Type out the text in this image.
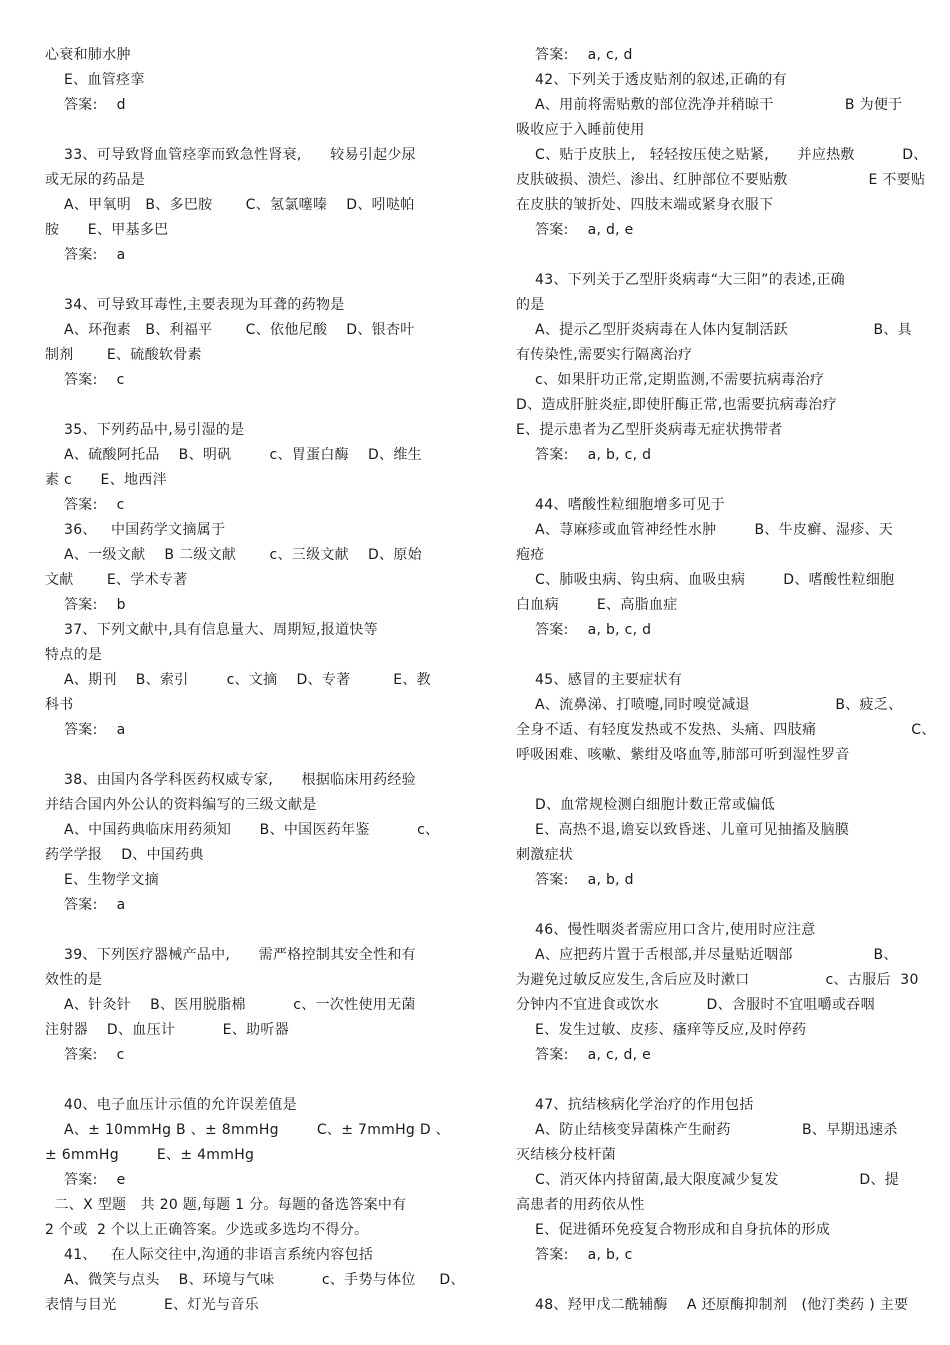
心衰和肺水肿
E、血管痉挛
答案:    d
33、可导致肾血管痉挛而致急性肾衰,      较易引起少尿
或无尿的药品是
A、甲氧明   B、多巴胺       C、氢氯噻嗪    D、吲哒帕
胺      E、甲基多巴
答案:    a
34、可导致耳毒性,主要表现为耳聋的药物是
A、环孢素   B、利福平       C、依他尼酸    D、银杏叶
制剂       E、硫酸软骨素
答案:    c
35、下列药品中,易引湿的是
A、硫酸阿托品    B、明矾        c、胃蛋白酶    D、维生
素 c      E、地西泮
答案:    c
36、   中国药学文摘属于
A、一级文献    B 二级文献       c、三级文献    D、原始
文献       E、学术专著
答案:    b
37、下列文献中,具有信息量大、周期短,报道快等
特点的是
A、期刊    B、索引        c、文摘    D、专著         E、教
科书
答案:    a
38、由国内各学科医药权威专家,      根据临床用药经验
并结合国内外公认的资料编写的三级文献是
A、中国药典临床用药须知      B、中国医药年鉴          c、
药学学报    D、中国药典
E、生物学文摘
答案:    a
39、下列医疗器械产品中,      需严格控制其安全性和有
效性的是
A、针灸针    B、医用脱脂棉          c、一次性使用无菌
注射器    D、血压计          E、助听器
答案:    c
40、电子血压计示值的允许误差值是
A、± 10mmHg B 、± 8mmHg        C、± 7mmHg D 、
± 6mmHg        E、± 4mmHg
答案:    e
二、X 型题   共 20 题,每题 1 分。每题的备选答案中有
2 个或  2 个以上正确答案。少选或多选均不得分。
41、   在人际交往中,沟通的非语言系统内容包括
A、微笑与点头    B、环境与气味          c、手势与体位     D、
表情与目光          E、灯光与音乐
答案:    a, c, d
42、下列关于透皮贴剂的叙述,正确的有
A、用前将需贴敷的部位洗净并稍晾干               B 为便于
吸收应于入睡前使用
C、贴于皮肤上,   轻轻按压使之贴紧,      并应热敷          D、
皮肤破损、溃烂、渗出、红肿部位不要贴敷                 E 不要贴
在皮肤的皱折处、四肢末端或紧身衣服下
答案:    a, d, e
43、下列关于乙型肝炎病毒“大三阳”的表述,正确
的是
A、提示乙型肝炎病毒在人体内复制活跃                  B、具
有传染性,需要实行隔离治疗
c、如果肝功正常,定期监测,不需要抗病毒治疗
D、造成肝脏炎症,即使肝酶正常,也需要抗病毒治疗
E、提示患者为乙型肝炎病毒无症状携带者
答案:    a, b, c, d
44、嗜酸性粒细胞增多可见于
A、荨麻疹或血管神经性水肿        B、牛皮癣、湿疹、天
疱疮
C、肺吸虫病、钩虫病、血吸虫病        D、嗜酸性粒细胞
白血病        E、高脂血症
答案:    a, b, c, d
45、感冒的主要症状有
A、流鼻涕、打喷嚏,同时嗅觉减退                  B、疲乏、
全身不适、有轻度发热或不发热、头痛、四肢痛                    C、
呼吸困难、咳嗽、紫绀及咯血等,肺部可听到湿性罗音
D、血常规检测白细胞计数正常或偏低
E、高热不退,谵妄以致昏迷、儿童可见抽搐及脑膜
刺激症状
答案:    a, b, d
46、慢性咽炎者需应用口含片,使用时应注意
A、应把药片置于舌根部,并尽量贴近咽部                 B、
为避免过敏反应发生,含后应及时漱口                c、古服后  30
分钟内不宜进食或饮水          D、含服时不宜咀嚼或吞咽
E、发生过敏、皮疹、瘙痒等反应,及时停药
答案:    a, c, d, e
47、抗结核病化学治疗的作用包括
A、防止结核变异菌株产生耐药               B、早期迅速杀
灭结核分枝杆菌
C、消灭体内持留菌,最大限度减少复发                 D、提
高患者的用药依从性
E、促进循环免疫复合物形成和自身抗体的形成
答案:    a, b, c
48、羟甲戊二酰辅酶    A 还原酶抑制剂   (他汀类药 ) 主要
